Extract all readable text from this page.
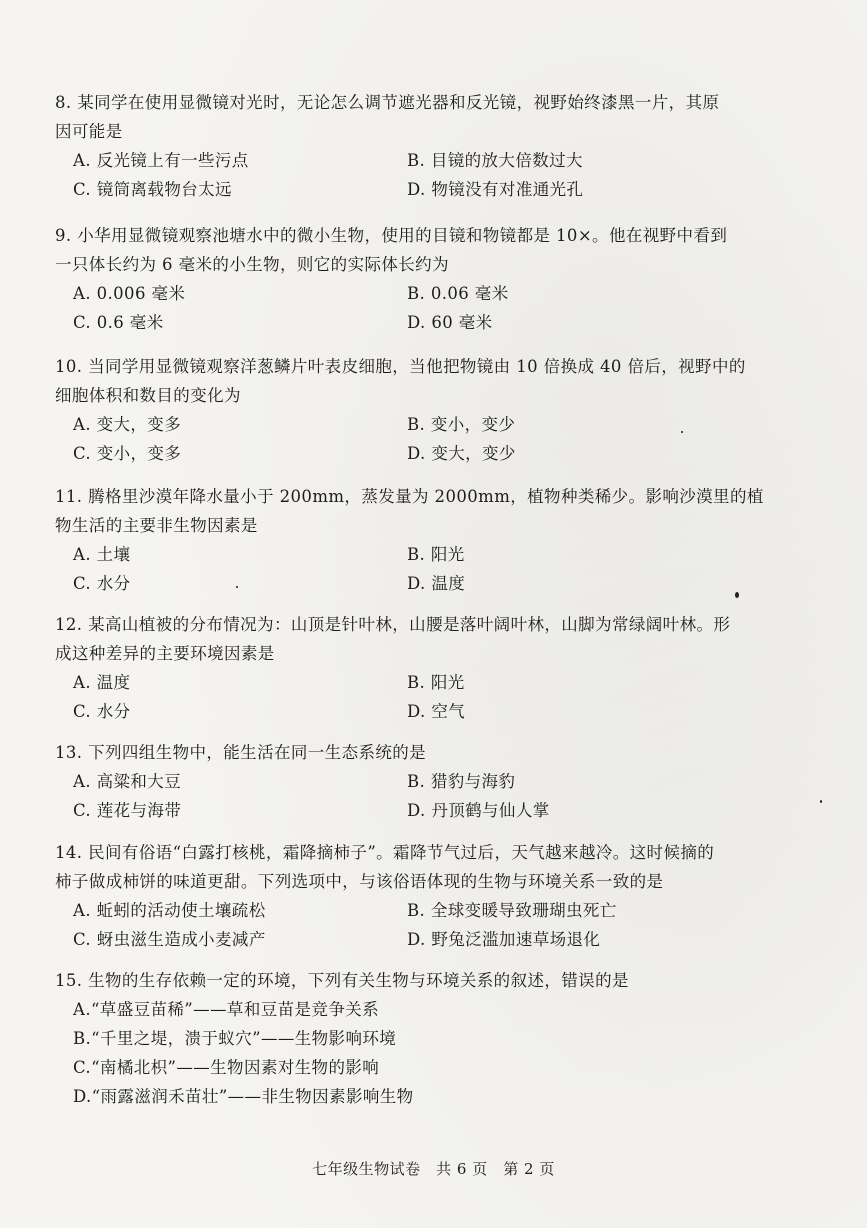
8. 某同学在使用显微镜对光时，无论怎么调节遮光器和反光镜，视野始终漆黑一片，其原
因可能是
A. 反光镜上有一些污点	B. 目镜的放大倍数过大
C. 镜筒离载物台太远	D. 物镜没有对准通光孔
9. 小华用显微镜观察池塘水中的微小生物，使用的目镜和物镜都是 10×。他在视野中看到
一只体长约为 6 毫米的小生物，则它的实际体长约为
A. 0.006 毫米	B. 0.06 毫米
C. 0.6 毫米	D. 60 毫米
10. 当同学用显微镜观察洋葱鳞片叶表皮细胞，当他把物镜由 10 倍换成 40 倍后，视野中的
细胞体积和数目的变化为
A. 变大，变多	B. 变小，变少
C. 变小，变多	D. 变大，变少
11. 腾格里沙漠年降水量小于 200mm，蒸发量为 2000mm，植物种类稀少。影响沙漠里的植
物生活的主要非生物因素是
A. 土壤	B. 阳光
C. 水分	D. 温度
12. 某高山植被的分布情况为：山顶是针叶林，山腰是落叶阔叶林，山脚为常绿阔叶林。形
成这种差异的主要环境因素是
A. 温度	B. 阳光
C. 水分	D. 空气
13. 下列四组生物中，能生活在同一生态系统的是
A. 高粱和大豆	B. 猎豹与海豹
C. 莲花与海带	D. 丹顶鹤与仙人掌
14. 民间有俗语“白露打核桃，霜降摘柿子”。霜降节气过后，天气越来越冷。这时候摘的
柿子做成柿饼的味道更甜。下列选项中，与该俗语体现的生物与环境关系一致的是
A. 蚯蚓的活动使土壤疏松	B. 全球变暖导致珊瑚虫死亡
C. 蚜虫滋生造成小麦减产	D. 野兔泛滥加速草场退化
15. 生物的生存依赖一定的环境，下列有关生物与环境关系的叙述，错误的是
A.“草盛豆苗稀”——草和豆苗是竞争关系
B.“千里之堤，溃于蚁穴”——生物影响环境
C.“南橘北枳”——生物因素对生物的影响
D.“雨露滋润禾苗壮”——非生物因素影响生物
七年级生物试卷　共 6 页　第 2 页
